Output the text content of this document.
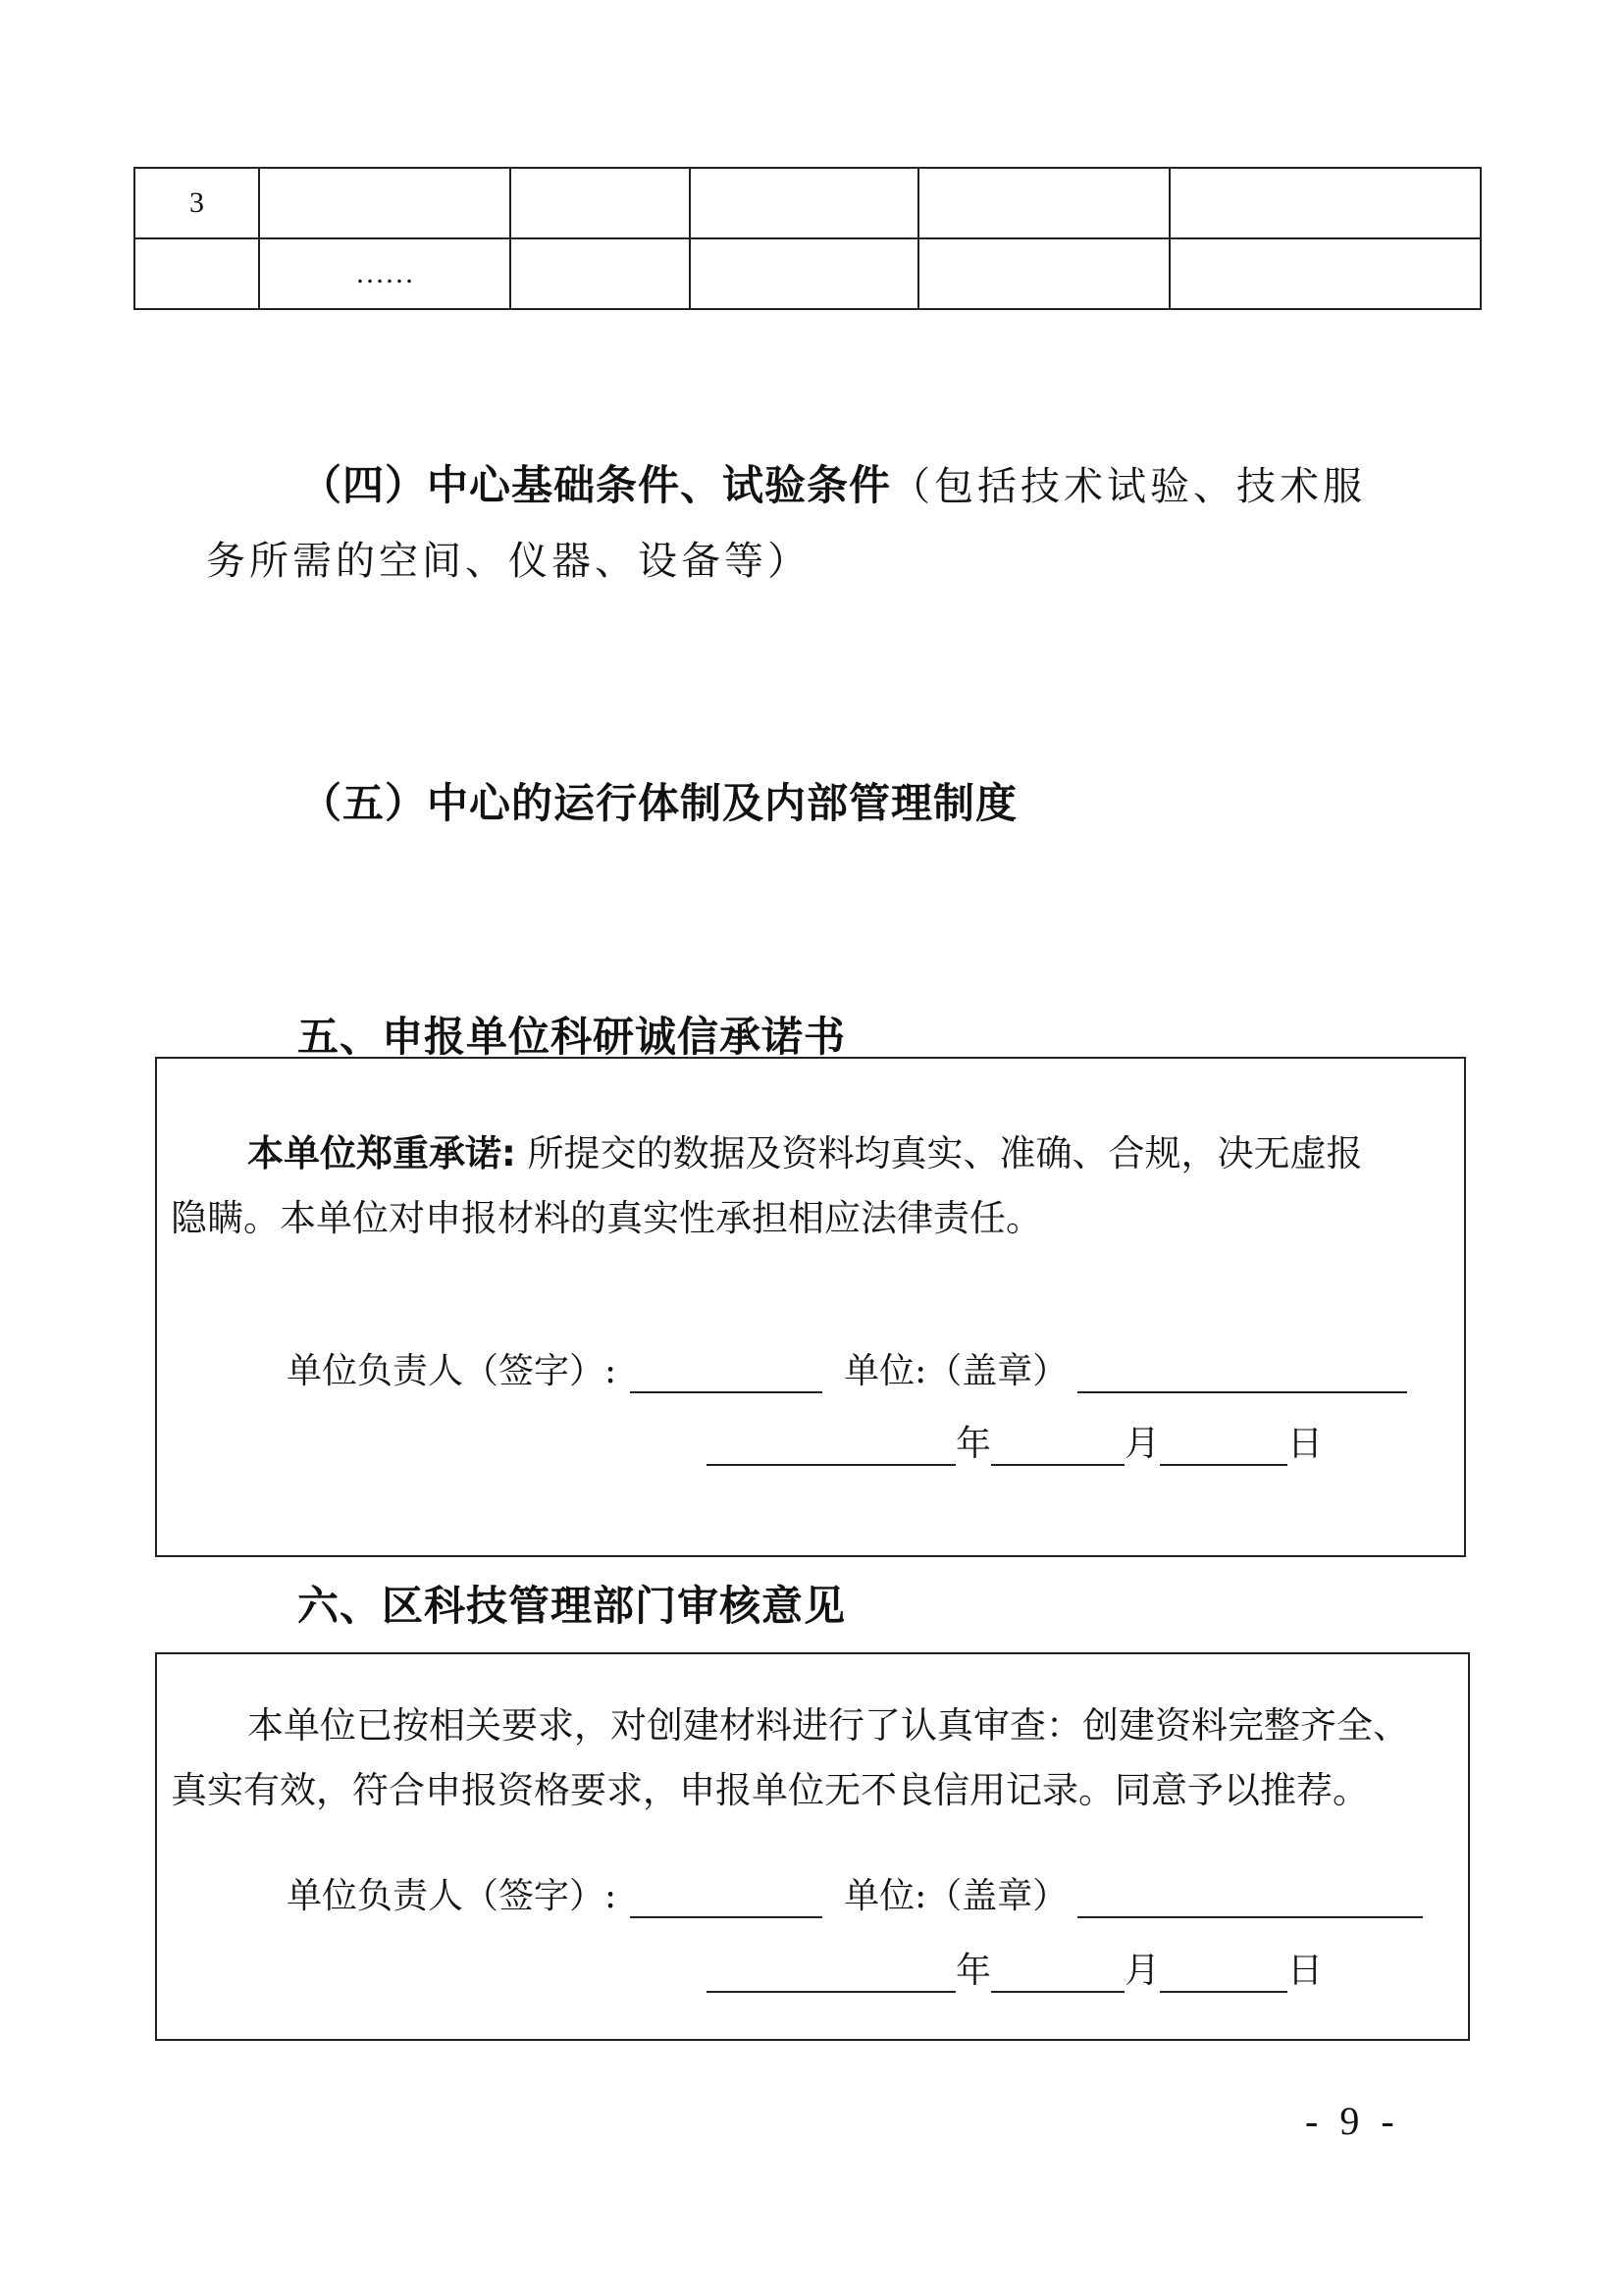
3					
	……				
（四）中心基础条件、试验条件（包括技术试验、技术服
务所需的空间、仪器、设备等）
（五）中心的运行体制及内部管理制度
五、申报单位科研诚信承诺书
本单位郑重承诺: 所提交的数据及资料均真实、准确、合规，决无虚报
隐瞒。本单位对申报材料的真实性承担相应法律责任。
单位负责人（签字）:	单位:（盖章）
年	月	日
六、区科技管理部门审核意见
本单位已按相关要求，对创建材料进行了认真审查：创建资料完整齐全、
真实有效，符合申报资格要求，申报单位无不良信用记录。同意予以推荐。
单位负责人（签字）:	单位:（盖章）
年	月	日
- 9 -
